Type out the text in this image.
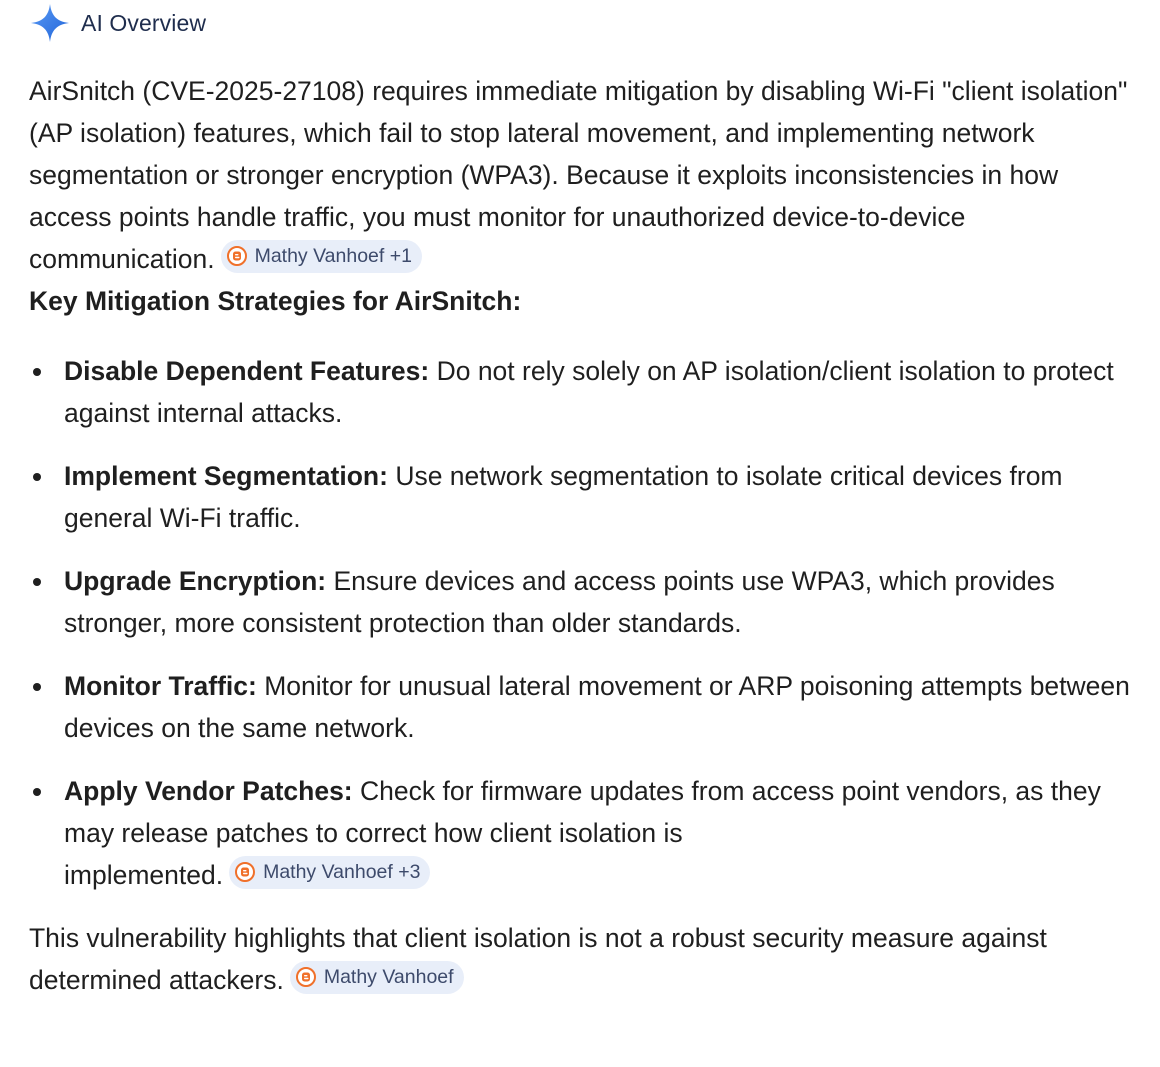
AI Overview

AirSnitch (CVE-2025-27108) requires immediate mitigation by disabling Wi-Fi "client isolation" (AP isolation) features, which fail to stop lateral movement, and implementing network segmentation or stronger encryption (WPA3). Because it exploits inconsistencies in how access points handle traffic, you must monitor for unauthorized device-to-device communication. Mathy Vanhoef +1

Key Mitigation Strategies for AirSnitch:

Disable Dependent Features: Do not rely solely on AP isolation/client isolation to protect against internal attacks.
Implement Segmentation: Use network segmentation to isolate critical devices from general Wi-Fi traffic.
Upgrade Encryption: Ensure devices and access points use WPA3, which provides stronger, more consistent protection than older standards.
Monitor Traffic: Monitor for unusual lateral movement or ARP poisoning attempts between devices on the same network.
Apply Vendor Patches: Check for firmware updates from access point vendors, as they may release patches to correct how client isolation is
implemented. Mathy Vanhoef +3

This vulnerability highlights that client isolation is not a robust security measure against determined attackers. Mathy Vanhoef
